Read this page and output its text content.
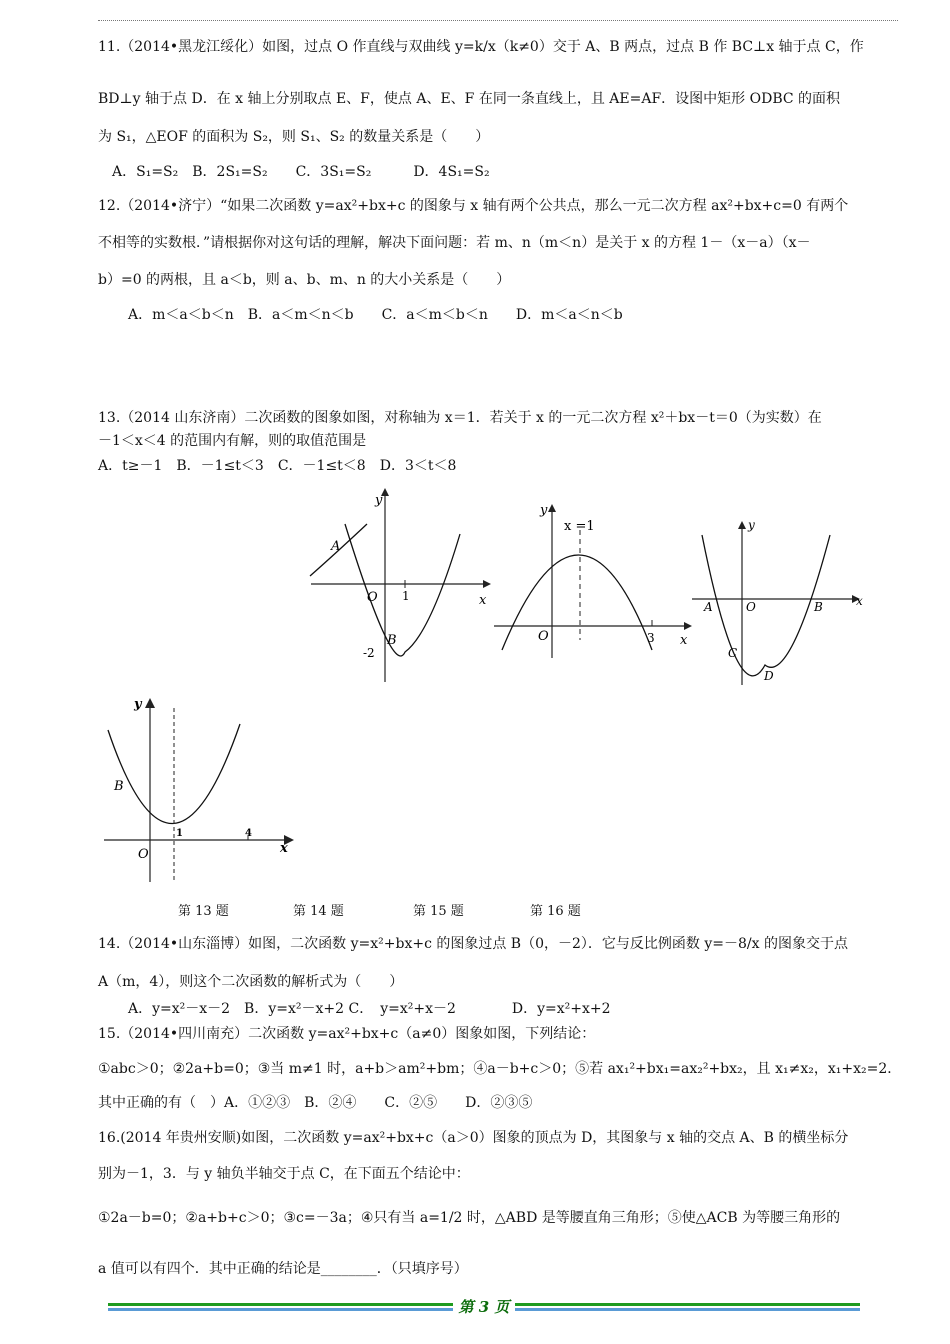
11.（2014•黑龙江绥化）如图，过点 O 作直线与双曲线 y=k/x（k≠0）交于 A、B 两点，过点 B 作 BC⊥x 轴于点 C，作
BD⊥y 轴于点 D．在 x 轴上分别取点 E、F，使点 A、E、F 在同一条直线上，且 AE=AF．设图中矩形 ODBC 的面积
为 S₁，△EOF 的面积为 S₂，则 S₁、S₂ 的数量关系是（　　）
A．S₁=S₂　B．2S₁=S₂　　C．3S₁=S₂　　　D．4S₁=S₂
12.（2014•济宁）“如果二次函数 y=ax²+bx+c 的图象与 x 轴有两个公共点，那么一元二次方程 ax²+bx+c=0 有两个
不相等的实数根．”请根据你对这句话的理解，解决下面问题：若 m、n（m＜n）是关于 x 的方程 1－（x－a）（x－
b）=0 的两根，且 a＜b，则 a、b、m、n 的大小关系是（　　）
A．m＜a＜b＜n　B．a＜m＜n＜b　　C．a＜m＜b＜n　　D．m＜a＜n＜b
13.（2014 山东济南）二次函数的图象如图，对称轴为 x＝1．若关于 x 的一元二次方程 x²＋bx－t＝0（为实数）在
－1＜x＜4 的范围内有解，则的取值范围是
A．t≥－1　B．－1≤t＜3　C．－1≤t＜8　D．3＜t＜8
y
x
O
A
B
1
-2
y
x
O	3
x =1	y
x
O
A	B
C
D
y
x
O
B
1	4
第 13 题	第 14 题	第 15 题	第 16 题
14.（2014•山东淄博）如图，二次函数 y=x²+bx+c 的图象过点 B（0，－2）．它与反比例函数 y=－8/x 的图象交于点
A（m，4），则这个二次函数的解析式为（　　）
A．y=x²－x－2　B．y=x²－x+2 C．　y=x²+x－2　　　　D．y=x²+x+2
15.（2014•四川南充）二次函数 y=ax²+bx+c（a≠0）图象如图，下列结论：
①abc＞0；②2a+b=0；③当 m≠1 时，a+b＞am²+bm；④a－b+c＞0；⑤若 ax₁²+bx₁=ax₂²+bx₂，且 x₁≠x₂，x₁+x₂=2．
其中正确的有（　）A．①②③　B．②④　　C．②⑤　　D．②③⑤
16.(2014 年贵州安顺)如图，二次函数 y=ax²+bx+c（a＞0）图象的顶点为 D，其图象与 x 轴的交点 A、B 的横坐标分
别为－1，3．与 y 轴负半轴交于点 C，在下面五个结论中：
①2a－b=0；②a+b+c＞0；③c=－3a；④只有当 a=1/2 时，△ABD 是等腰直角三角形；⑤使△ACB 为等腰三角形的
a 值可以有四个．其中正确的结论是________．（只填序号）
第 3 页
